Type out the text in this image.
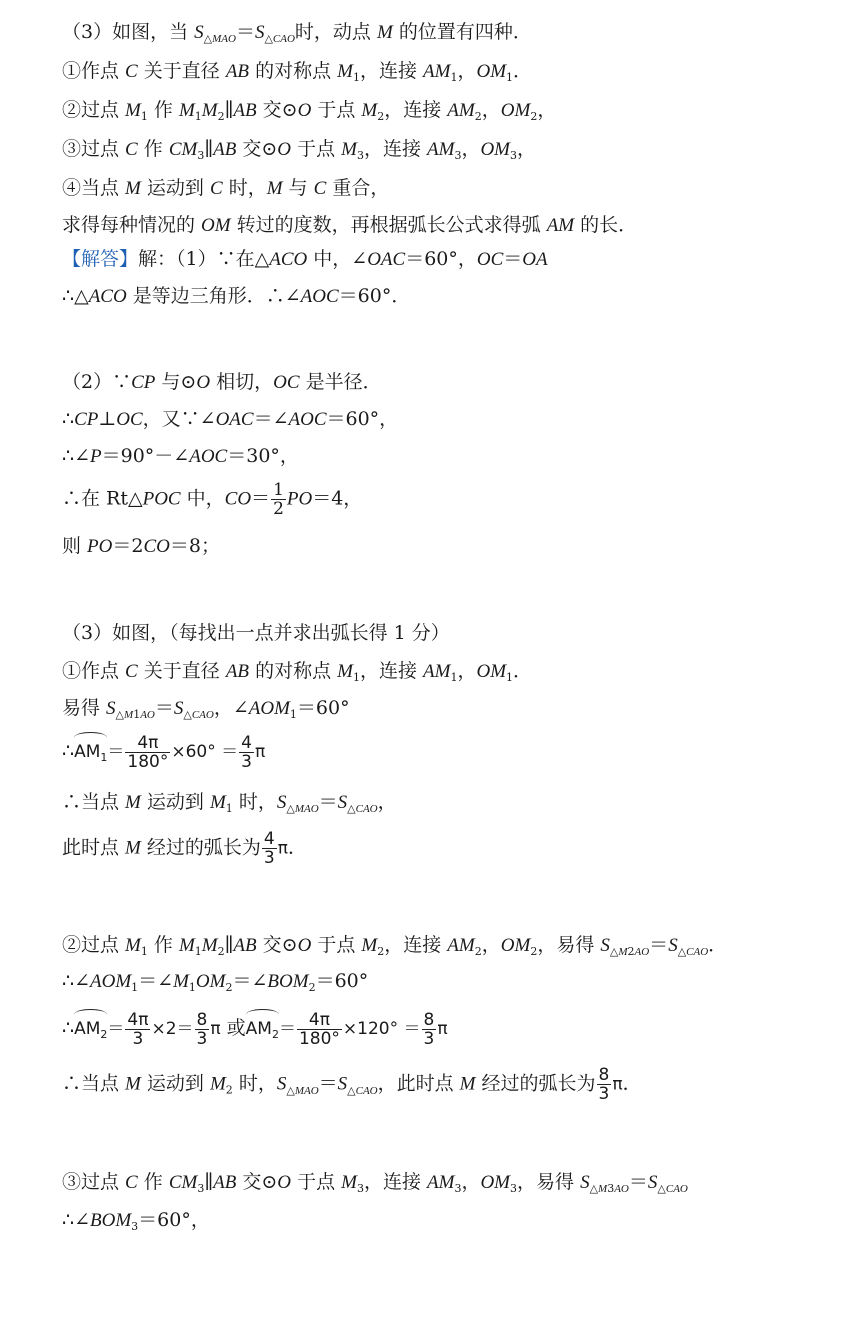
（3）如图，当 $S_{\triangle MAO}=S_{\triangle CAO}$时，动点 M 的位置有四种．
①作点 C 关于直径 AB 的对称点 $M_1$，连接 $AM_1$，$OM_1$．
②过点 $M_1$ 作 $M_1M_2\parallel AB$ 交⊙O 于点 $M_2$，连接 $AM_2$，$OM_2$，
③过点 C 作 $CM_3\parallel AB$ 交⊙O 于点 $M_3$，连接 $AM_3$，$OM_3$，
④当点 M 运动到 C 时，M 与 C 重合，
求得每种情况的 OM 转过的度数，再根据弧长公式求得弧 AM 的长．
【解答】解：（1）∵在△ACO 中，∠OAC＝60°，OC＝OA
∴△ACO 是等边三角形．∴∠AOC＝60°．
（2）∵CP 与⊙O 相切，OC 是半径．
∴CP⊥OC，又∵∠OAC＝∠AOC＝60°，
∴∠P＝90°－∠AOC＝30°，
∴在 Rt△POC 中，$CO= \frac{1}{2} PO=4$，
则 PO＝2CO＝8；
（3）如图，（每找出一点并求出弧长得 1 分）
①作点 C 关于直径 AB 的对称点 $M_1$，连接 $AM_1$，$OM_1$．
易得 $S_{\triangle M1AO}=S_{\triangle CAO}$，$\angle AOM_1=60^\circ$
$\therefore AM_1= \frac{4\pi}{180^\circ} \times 60^\circ = \frac{4}{3}$ π
∴当点 M 运动到 $M_1$ 时，$S_{\triangle MAO}=S_{\triangle CAO}$，
此时点 M 经过的弧长为 $\frac{4}{3}$ π．
②过点 $M_1$ 作 $M_1M_2\parallel AB$ 交⊙O 于点 $M_2$，连接 $AM_2$，$OM_2$，易得 $S_{\triangle M2AO}=S_{\triangle CAO}$．
$\therefore\angle AOM_1=\angle M_1OM_2=\angle BOM_2=60^\circ$
$\therefore AM_2= \frac{4\pi}{3} \times 2= \frac{8}{3}$ π 或$AM_2= \frac{4\pi}{180^\circ} \times 120^\circ = \frac{8}{3}$ π
∴当点 M 运动到 $M_2$ 时，$S_{\triangle MAO}=S_{\triangle CAO}$，此时点 M 经过的弧长为 $\frac{8}{3}$ π．
③过点 C 作 $CM_3\parallel AB$ 交⊙O 于点 $M_3$，连接 $AM_3$，$OM_3$，易得 $S_{\triangle M3AO}=S_{\triangle CAO}$
$\therefore\angle BOM_3=60^\circ$，
